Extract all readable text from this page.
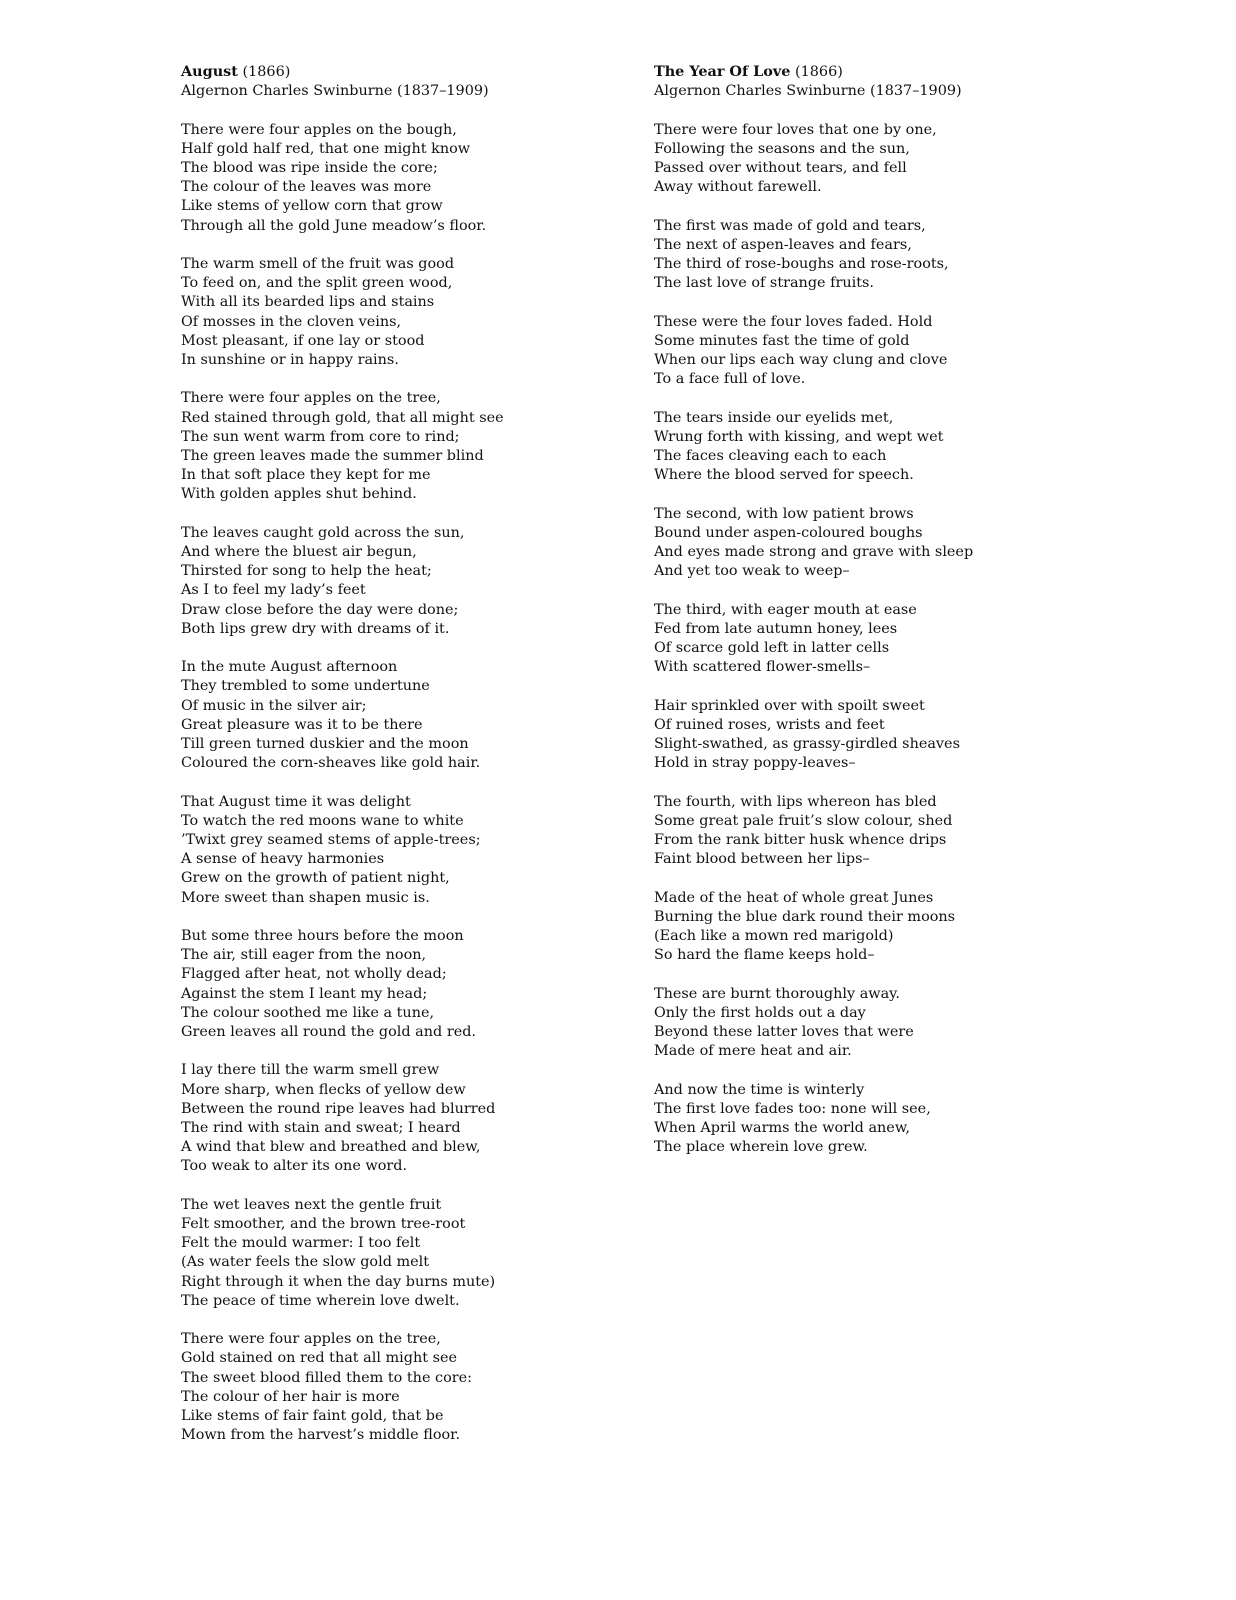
August (1866)

Algernon Charles Swinburne (1837–1909)

There were four apples on the bough,
Half gold half red, that one might know
The blood was ripe inside the core;
The colour of the leaves was more
Like stems of yellow corn that grow
Through all the gold June meadow’s floor.
The warm smell of the fruit was good
To feed on, and the split green wood,
With all its bearded lips and stains
Of mosses in the cloven veins,
Most pleasant, if one lay or stood
In sunshine or in happy rains.
There were four apples on the tree,
Red stained through gold, that all might see
The sun went warm from core to rind;
The green leaves made the summer blind
In that soft place they kept for me
With golden apples shut behind.
The leaves caught gold across the sun,
And where the bluest air begun,
Thirsted for song to help the heat;
As I to feel my lady’s feet
Draw close before the day were done;
Both lips grew dry with dreams of it.
In the mute August afternoon
They trembled to some undertune
Of music in the silver air;
Great pleasure was it to be there
Till green turned duskier and the moon
Coloured the corn-sheaves like gold hair.
That August time it was delight
To watch the red moons wane to white
’Twixt grey seamed stems of apple-trees;
A sense of heavy harmonies
Grew on the growth of patient night,
More sweet than shapen music is.
But some three hours before the moon
The air, still eager from the noon,
Flagged after heat, not wholly dead;
Against the stem I leant my head;
The colour soothed me like a tune,
Green leaves all round the gold and red.
I lay there till the warm smell grew
More sharp, when flecks of yellow dew
Between the round ripe leaves had blurred
The rind with stain and sweat; I heard
A wind that blew and breathed and blew,
Too weak to alter its one word.
The wet leaves next the gentle fruit
Felt smoother, and the brown tree-root
Felt the mould warmer: I too felt
(As water feels the slow gold melt
Right through it when the day burns mute)
The peace of time wherein love dwelt.
There were four apples on the tree,
Gold stained on red that all might see
The sweet blood filled them to the core:
The colour of her hair is more
Like stems of fair faint gold, that be
Mown from the harvest’s middle floor.

The Year Of Love (1866)

Algernon Charles Swinburne (1837–1909)

There were four loves that one by one,
Following the seasons and the sun,
Passed over without tears, and fell
Away without farewell.
The first was made of gold and tears,
The next of aspen-leaves and fears,
The third of rose-boughs and rose-roots,
The last love of strange fruits.
These were the four loves faded. Hold
Some minutes fast the time of gold
When our lips each way clung and clove
To a face full of love.
The tears inside our eyelids met,
Wrung forth with kissing, and wept wet
The faces cleaving each to each
Where the blood served for speech.
The second, with low patient brows
Bound under aspen-coloured boughs
And eyes made strong and grave with sleep
And yet too weak to weep–
The third, with eager mouth at ease
Fed from late autumn honey, lees
Of scarce gold left in latter cells
With scattered flower-smells–
Hair sprinkled over with spoilt sweet
Of ruined roses, wrists and feet
Slight-swathed, as grassy-girdled sheaves
Hold in stray poppy-leaves–
The fourth, with lips whereon has bled
Some great pale fruit’s slow colour, shed
From the rank bitter husk whence drips
Faint blood between her lips–
Made of the heat of whole great Junes
Burning the blue dark round their moons
(Each like a mown red marigold)
So hard the flame keeps hold–
These are burnt thoroughly away.
Only the first holds out a day
Beyond these latter loves that were
Made of mere heat and air.
And now the time is winterly
The first love fades too: none will see,
When April warms the world anew,
The place wherein love grew.
